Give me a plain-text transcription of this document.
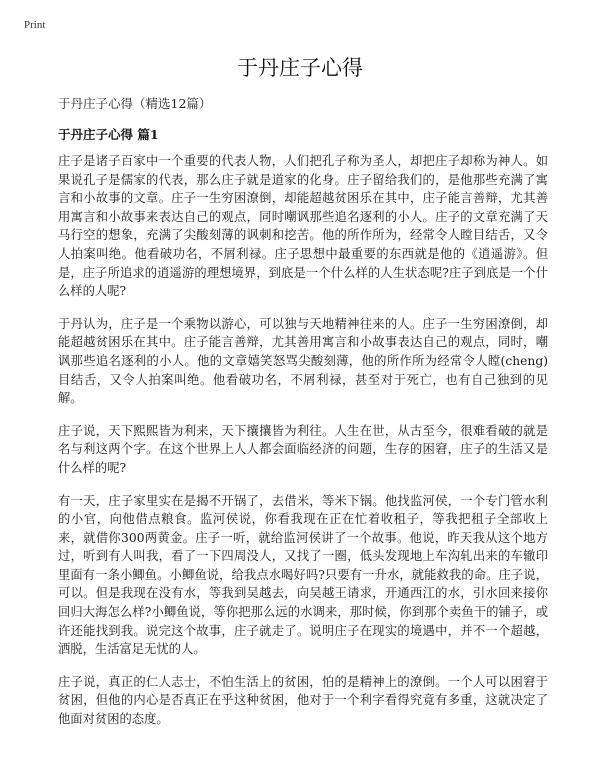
Print
于丹庄子心得
于丹庄子心得（精选12篇）
于丹庄子心得 篇1

庄子是诸子百家中一个重要的代表人物，人们把孔子称为圣人，却把庄子却称为神人。如果说孔子是儒家的代表，那么庄子就是道家的化身。庄子留给我们的，是他那些充满了寓言和小故事的文章。庄子一生穷困潦倒，却能超越贫困乐在其中，庄子能言善辩，尤其善用寓言和小故事来表达自己的观点，同时嘲讽那些追名逐利的小人。庄子的文章充满了天马行空的想象，充满了尖酸刻薄的讽刺和挖苦。他的所作所为，经常令人瞠目结舌，又令人拍案叫绝。他看破功名，不屑利禄。庄子思想中最重要的东西就是他的《逍遥游》。但是，庄子所追求的逍遥游的理想境界，到底是一个什么样的人生状态呢?庄子到底是一个什么样的人呢?

于丹认为，庄子是一个乘物以游心，可以独与天地精神往来的人。庄子一生穷困潦倒，却能超越贫困乐在其中。庄子能言善辩，尤其善用寓言和小故事表达自己的观点，同时，嘲讽那些追名逐利的小人。他的文章嬉笑怒骂尖酸刻薄，他的所作所为经常令人瞠(cheng)目结舌，又令人拍案叫绝。他看破功名，不屑利禄，甚至对于死亡，也有自己独到的见解。

庄子说，天下熙熙皆为利来，天下攘攘皆为利往。人生在世，从古至今，很难看破的就是名与利这两个字。在这个世界上人人都会面临经济的问题，生存的困窘，庄子的生活又是什么样的呢?

有一天，庄子家里实在是揭不开锅了，去借米，等米下锅。他找监河侯，一个专门管水利的小官，向他借点粮食。监河侯说，你看我现在正在忙着收租子，等我把租子全部收上来，就借你300两黄金。庄子一听，就给监河侯讲了一个故事。他说，昨天我从这个地方过，听到有人叫我，看了一下四周没人，又找了一圈，低头发现地上车沟轧出来的车辙印里面有一条小鲫鱼。小鲫鱼说，给我点水喝好吗?只要有一升水，就能救我的命。庄子说，可以。但是我现在没有水，等我到吴越去，向吴越王请求，开通西江的水，引水回来接你回归大海怎么样?小鲫鱼说，等你把那么远的水调来，那时候，你到那个卖鱼干的铺子，或许还能找到我。说完这个故事，庄子就走了。说明庄子在现实的境遇中，并不一个超越，洒脱，生活富足无忧的人。

庄子说，真正的仁人志士，不怕生活上的贫困，怕的是精神上的潦倒。一个人可以困窘于贫困，但他的内心是否真正在乎这种贫困，他对于一个利字看得究竟有多重，这就决定了他面对贫困的态度。
